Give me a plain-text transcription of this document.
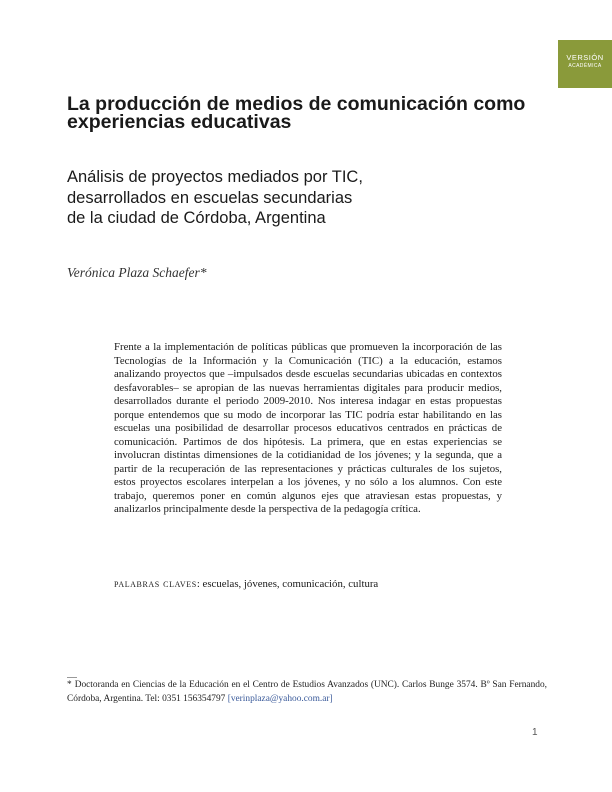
VERSIÓN
ACADÉMICA
La producción de medios de comunicación como experiencias educativas
Análisis de proyectos mediados por TIC,
desarrollados en escuelas secundarias
de la ciudad de Córdoba, Argentina
Verónica Plaza Schaefer*

Frente a la implementación de políticas públicas que promueven la incorporación de las Tecnologías de la Información y la Comunicación (TIC) a la educación, estamos analizando proyectos que –impulsados desde escuelas secundarias ubicadas en contextos desfavorables– se apropian de las nuevas herramientas digitales para producir medios, desarrollados durante el periodo 2009-2010. Nos interesa indagar en estas propuestas porque entendemos que su modo de incorporar las TIC podría estar habilitando en las escuelas una posibilidad de desarrollar procesos educativos centrados en prácticas de comunicación. Partimos de dos hipótesis. La primera, que en estas experiencias se involucran distintas dimensiones de la cotidianidad de los jóvenes; y la segunda, que a partir de la recuperación de las representaciones y prácticas culturales de los sujetos, estos proyectos escolares interpelan a los jóvenes, y no sólo a los alumnos. Con este trabajo, queremos poner en común algunos ejes que atraviesan estas propuestas, y analizarlos principalmente desde la perspectiva de la pedagogía crítica.

palabras claves: escuelas, jóvenes, comunicación, cultura

* Doctoranda en Ciencias de la Educación en el Centro de Estudios Avanzados (UNC). Carlos Bunge 3574. Bº San Fernando, Córdoba, Argentina. Tel: 0351 156354797 [verinplaza@yahoo.com.ar]

1
